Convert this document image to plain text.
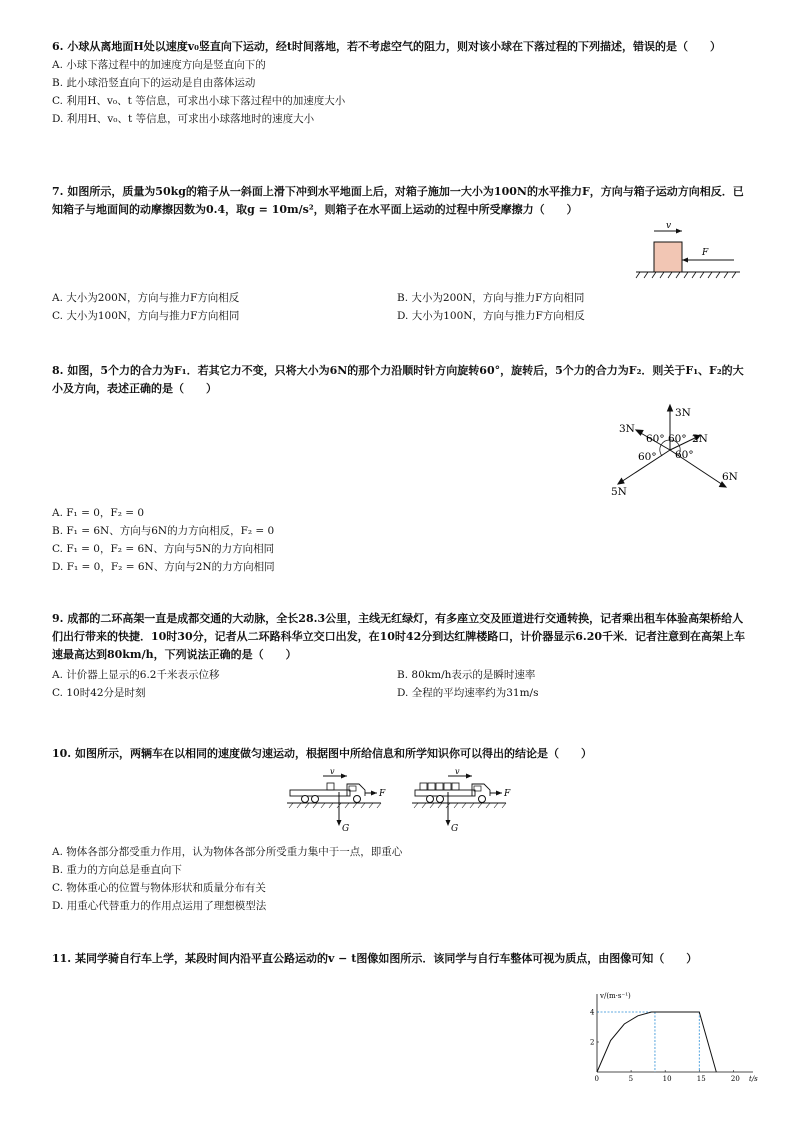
6. 小球从离地面H处以速度v₀竖直向下运动，经t时间落地，若不考虑空气的阻力，则对该小球在下落过程的下列描述，错误的是（　　）
A. 小球下落过程中的加速度方向是竖直向下的
B. 此小球沿竖直向下的运动是自由落体运动
C. 利用H、v₀、t 等信息，可求出小球下落过程中的加速度大小
D. 利用H、v₀、t 等信息，可求出小球落地时的速度大小
7. 如图所示，质量为50kg的箱子从一斜面上滑下冲到水平地面上后，对箱子施加一大小为100N的水平推力F，方向与箱子运动方向相反．已知箱子与地面间的动摩擦因数为0.4，取g = 10m/s²，则箱子在水平面上运动的过程中所受摩擦力（　　）
v
F
A. 大小为200N，方向与推力F方向相反	B. 大小为200N，方向与推力F方向相同
C. 大小为100N，方向与推力F方向相同	D. 大小为100N，方向与推力F方向相反
8. 如图，5个力的合力为F₁．若其它力不变，只将大小为6N的那个力沿顺时针方向旋转60°，旋转后，5个力的合力为F₂．则关于F₁、F₂的大小及方向，表述正确的是（　　）
3N
3N
2N
6N
5N
60° 60°
60° 60°
A. F₁ = 0，F₂ = 0
B. F₁ = 6N、方向与6N的力方向相反，F₂ = 0
C. F₁ = 0，F₂ = 6N、方向与5N的力方向相同
D. F₁ = 0，F₂ = 6N、方向与2N的力方向相同
9. 成都的二环高架一直是成都交通的大动脉，全长28.3公里，主线无红绿灯，有多座立交及匝道进行交通转换，记者乘出租车体验高架桥给人们出行带来的快捷．10时30分，记者从二环路科华立交口出发，在10时42分到达红牌楼路口，计价器显示6.20千米．记者注意到在高架上车速最高达到80km/h，下列说法正确的是（　　）
A. 计价器上显示的6.2千米表示位移	B. 80km/h表示的是瞬时速率
C. 10时42分是时刻	D. 全程的平均速率约为31m/s
10. 如图所示，两辆车在以相同的速度做匀速运动，根据图中所给信息和所学知识你可以得出的结论是（　　）
v
F
G
v
F
G
A. 物体各部分都受重力作用，认为物体各部分所受重力集中于一点，即重心
B. 重力的方向总是垂直向下
C. 物体重心的位置与物体形状和质量分布有关
D. 用重心代替重力的作用点运用了理想模型法
11. 某同学骑自行车上学，某段时间内沿平直公路运动的v − t图像如图所示．该同学与自行车整体可视为质点，由图像可知（　　）
0	5	10	15	20
2
4
v/(m·s⁻¹)
t/s
